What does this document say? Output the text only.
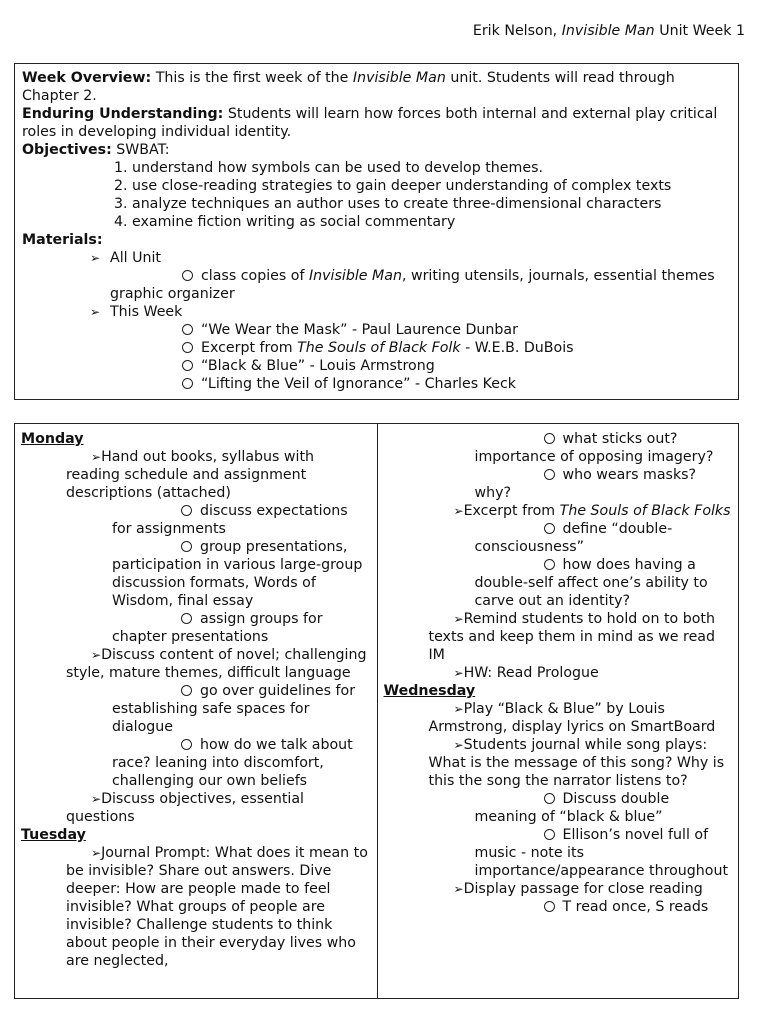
Erik Nelson, Invisible Man Unit Week 1

Week Overview: This is the first week of the Invisible Man unit. Students will read through Chapter 2.

Enduring Understanding: Students will learn how forces both internal and external play critical roles in developing individual identity.

Objectives: SWBAT:

1. understand how symbols can be used to develop themes.
2. use close-reading strategies to gain deeper understanding of complex texts
3. analyze techniques an author uses to create three-dimensional characters
4. examine fiction writing as social commentary

Materials:

➢ All Unit
class copies of Invisible Man, writing utensils, journals, essential themes graphic organizer
➢ This Week
“We Wear the Mask” - Paul Laurence Dunbar
Excerpt from The Souls of Black Folk - W.E.B. DuBois
“Black & Blue” - Louis Armstrong
“Lifting the Veil of Ignorance” - Charles Keck
Monday
➢Hand out books, syllabus with reading schedule and assignment descriptions (attached)
discuss expectations for assignments
group presentations, participation in various large-group discussion formats, Words of Wisdom, final essay
assign groups for chapter presentations
➢Discuss content of novel; challenging style, mature themes, difficult language
go over guidelines for establishing safe spaces for dialogue
how do we talk about race? leaning into discomfort, challenging our own beliefs
➢Discuss objectives, essential questions
Tuesday
➢Journal Prompt: What does it mean to be invisible? Share out answers. Dive deeper: How are people made to feel invisible? What groups of people are invisible? Challenge students to think about people in their everyday lives who are neglected,
what sticks out? importance of opposing imagery?
who wears masks? why?
➢Excerpt from The Souls of Black Folks
define “double-consciousness”
how does having a double-self affect one’s ability to carve out an identity?
➢Remind students to hold on to both texts and keep them in mind as we read IM
➢HW: Read Prologue
Wednesday
➢Play “Black & Blue” by Louis Armstrong, display lyrics on SmartBoard
➢Students journal while song plays: What is the message of this song? Why is this the song the narrator listens to?
Discuss double meaning of “black & blue”
Ellison’s novel full of music - note its importance/appearance throughout
➢Display passage for close reading
T read once, S reads
